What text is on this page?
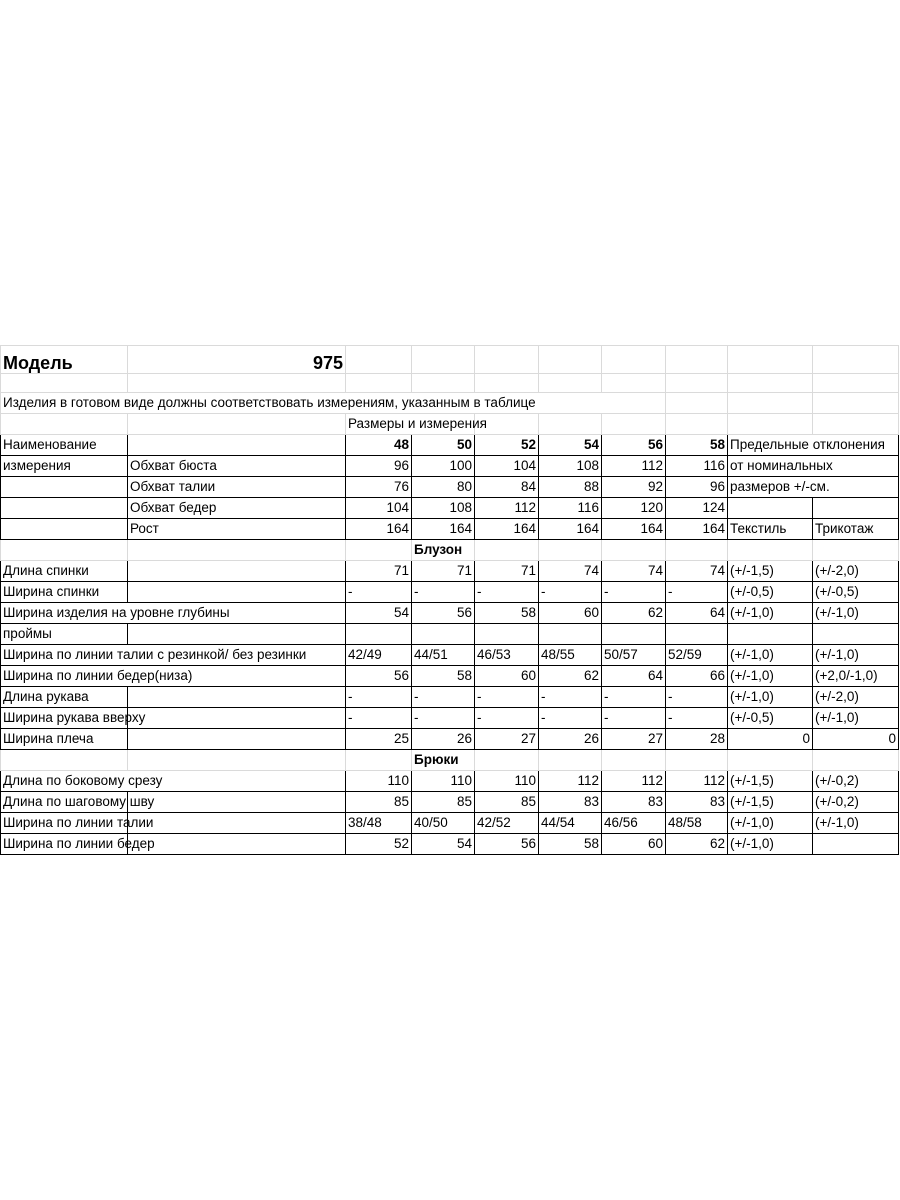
Модель	975								

Изделия в готовом виде должны соответствовать измерениям, указанным в таблице									
		Размеры и измерения							
Наименование		48	50	52	54	56	58	Предельные отклонения	
измерения	Обхват бюста	96	100	104	108	112	116	от номинальных	
	Обхват талии	76	80	84	88	92	96	размеров +/-см.	
	Обхват бедер	104	108	112	116	120	124		
	Рост	164	164	164	164	164	164	Текстиль	Трикотаж
			Блузон						
Длина спинки		71	71	71	74	74	74	(+/-1,5)	(+/-2,0)
Ширина спинки		-	-	-	-	-	-	(+/-0,5)	(+/-0,5)
Ширина изделия на уровне глубины		54	56	58	60	62	64	(+/-1,0)	(+/-1,0)
проймы									
Ширина по линии талии с резинкой/ без резинки		42/49	44/51	46/53	48/55	50/57	52/59	(+/-1,0)	(+/-1,0)
Ширина по линии бедер(низа)		56	58	60	62	64	66	(+/-1,0)	(+2,0/-1,0)
Длина рукава		-	-	-	-	-	-	(+/-1,0)	(+/-2,0)
Ширина рукава вверху		-	-	-	-	-	-	(+/-0,5)	(+/-1,0)
Ширина плеча		25	26	27	26	27	28	0	0
			Брюки						
Длина по боковому срезу		110	110	110	112	112	112	(+/-1,5)	(+/-0,2)
Длина по шаговому шву		85	85	85	83	83	83	(+/-1,5)	(+/-0,2)
Ширина по линии талии		38/48	40/50	42/52	44/54	46/56	48/58	(+/-1,0)	(+/-1,0)
Ширина по линии бедер		52	54	56	58	60	62	(+/-1,0)	
